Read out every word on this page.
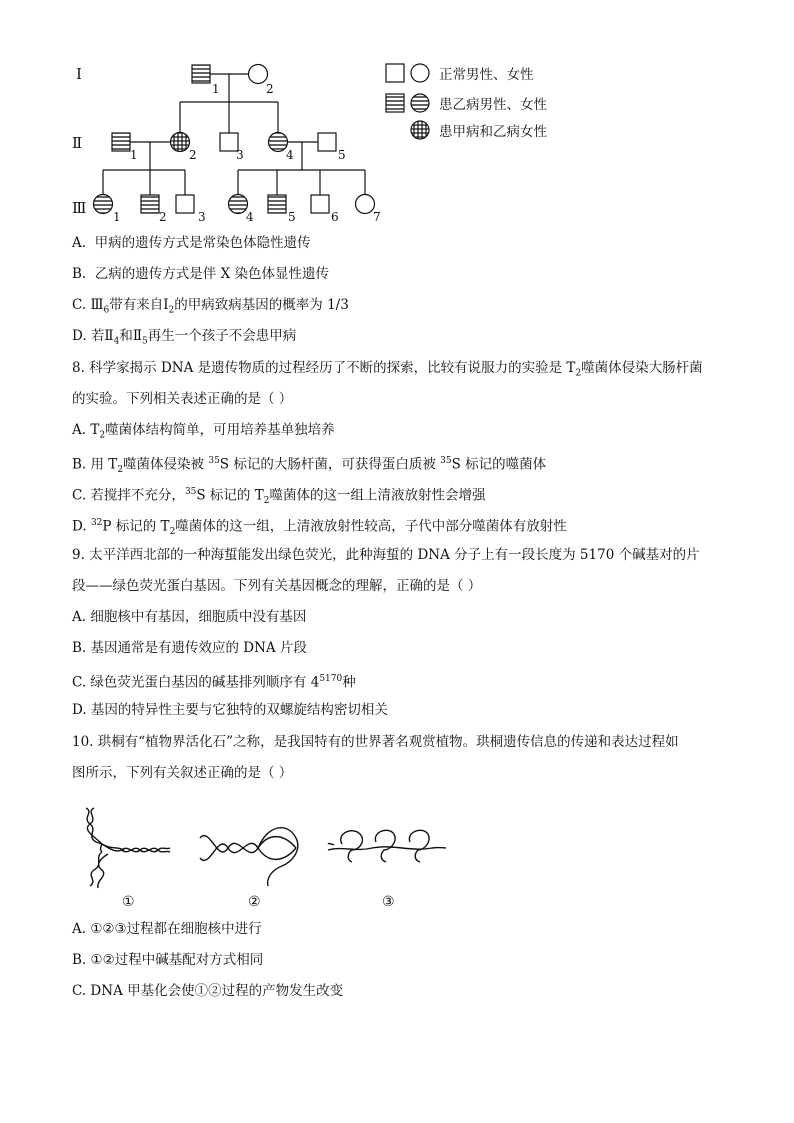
Ⅰ
Ⅱ
Ⅲ
1	2
1	2	3	4	5
1	2	3	4	5	6	7
正常男性、女性
患乙病男性、女性
患甲病和乙病女性
A. 甲病的遗传方式是常染色体隐性遗传
B. 乙病的遗传方式是伴 X 染色体显性遗传
C. $Ⅲ_6$带有来自$Ⅰ_2$的甲病致病基因的概率为 1/3
D. 若$Ⅱ_4$和$Ⅱ_5$再生一个孩子不会患甲病
8. 科学家揭示 DNA 是遗传物质的过程经历了不断的探索，比较有说服力的实验是 $T_2$噬菌体侵染大肠杆菌
的实验。下列相关表述正确的是（ ）
A. $T_2$噬菌体结构简单，可用培养基单独培养
B. 用 $T_2$噬菌体侵染被 $^{35}$S 标记的大肠杆菌，可获得蛋白质被 $^{35}$S 标记的噬菌体
C. 若搅拌不充分，$^{35}$S 标记的 $T_2$噬菌体的这一组上清液放射性会增强
D. $^{32}$P 标记的 $T_2$噬菌体的这一组，上清液放射性较高，子代中部分噬菌体有放射性
9. 太平洋西北部的一种海蜇能发出绿色荧光，此种海蜇的 DNA 分子上有一段长度为 5170 个碱基对的片
段——绿色荧光蛋白基因。下列有关基因概念的理解，正确的是（ ）
A. 细胞核中有基因，细胞质中没有基因
B. 基因通常是有遗传效应的 DNA 片段
C. 绿色荧光蛋白基因的碱基排列顺序有 $4^{5170}$种
D. 基因的特异性主要与它独特的双螺旋结构密切相关
10. 珙桐有“植物界活化石”之称，是我国特有的世界著名观赏植物。珙桐遗传信息的传递和表达过程如
图所示，下列有关叙述正确的是（ ）
①	②	③
A. ①②③过程都在细胞核中进行
B. ①②过程中碱基配对方式相同
C. DNA 甲基化会使①②过程的产物发生改变
